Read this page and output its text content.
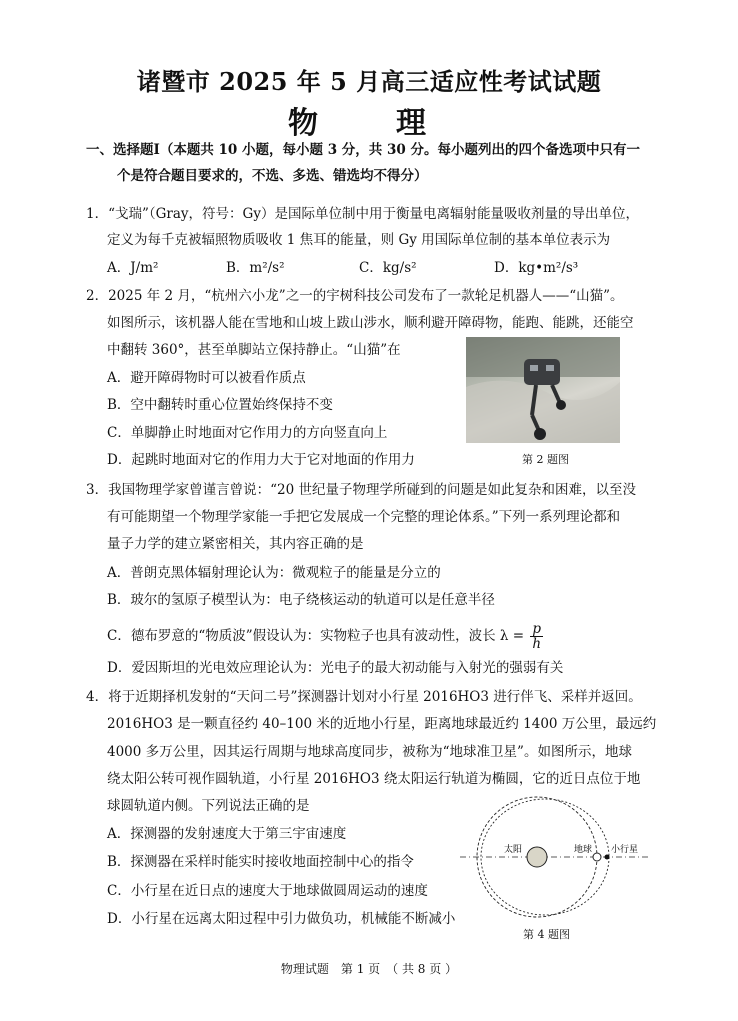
诸暨市 2025 年 5 月高三适应性考试试题
物　理
一、选择题Ⅰ（本题共 10 小题，每小题 3 分，共 30 分。每小题列出的四个备选项中只有一
个是符合题目要求的，不选、多选、错选均不得分）
1．“戈瑞”（Gray，符号：Gy）是国际单位制中用于衡量电离辐射能量吸收剂量的导出单位，
定义为每千克被辐照物质吸收 1 焦耳的能量，则 Gy 用国际单位制的基本单位表示为
A．J/m²	B．m²/s²	C．kg/s²	D．kg•m²/s³
2．2025 年 2 月，“杭州六小龙”之一的宇树科技公司发布了一款轮足机器人——“山猫”。
如图所示，该机器人能在雪地和山坡上跋山涉水，顺利避开障碍物，能跑、能跳，还能空
中翻转 360°，甚至单脚站立保持静止。“山猫”在
A．避开障碍物时可以被看作质点
B．空中翻转时重心位置始终保持不变
C．单脚静止时地面对它作用力的方向竖直向上
D．起跳时地面对它的作用力大于它对地面的作用力	第 2 题图
3．我国物理学家曾谨言曾说：“20 世纪量子物理学所碰到的问题是如此复杂和困难，以至没
有可能期望一个物理学家能一手把它发展成一个完整的理论体系。”下列一系列理论都和
量子力学的建立紧密相关，其内容正确的是
A．普朗克黑体辐射理论认为：微观粒子的能量是分立的
B．玻尔的氢原子模型认为：电子绕核运动的轨道可以是任意半径
C．德布罗意的“物质波”假设认为：实物粒子也具有波动性，波长 $\lambda = \frac{p}{h}$
D．爱因斯坦的光电效应理论认为：光电子的最大初动能与入射光的强弱有关
4．将于近期择机发射的“天问二号”探测器计划对小行星 2016HO3 进行伴飞、采样并返回。
2016HO3 是一颗直径约 40–100 米的近地小行星，距离地球最近约 1400 万公里，最远约
4000 多万公里，因其运行周期与地球高度同步，被称为“地球准卫星”。如图所示，地球
绕太阳公转可视作圆轨道，小行星 2016HO3 绕太阳运行轨道为椭圆，它的近日点位于地
球圆轨道内侧。下列说法正确的是
A．探测器的发射速度大于第三宇宙速度
B．探测器在采样时能实时接收地面控制中心的指令
C．小行星在近日点的速度大于地球做圆周运动的速度
D．小行星在远离太阳过程中引力做负功，机械能不断减小
太阳	地球 小行星
第 4 题图
物理试题　第 1 页　（ 共 8 页 ）
